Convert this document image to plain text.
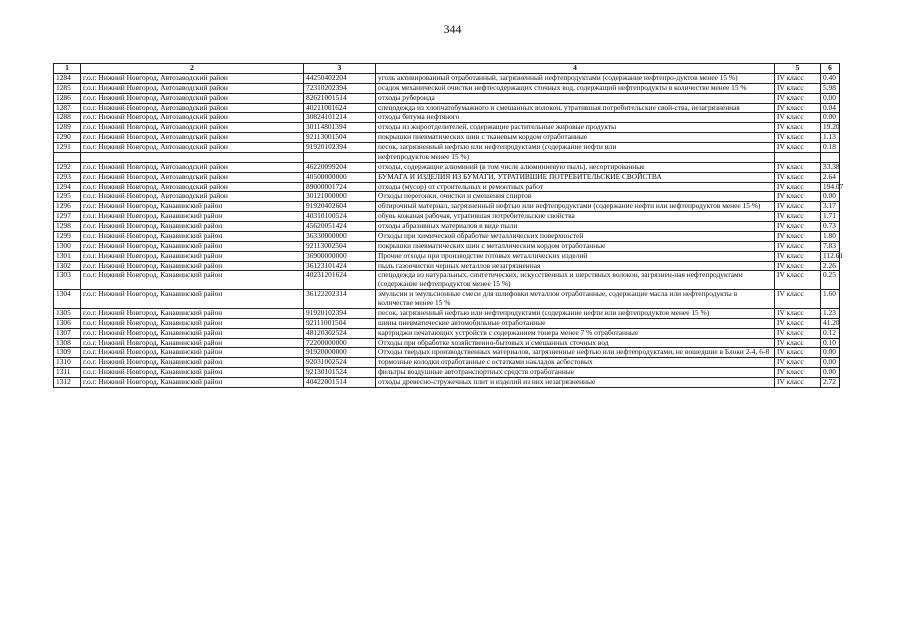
344
1	2	3	4	5	6
1284	г.о.г. Нижний Новгород, Автозаводский район	44250402204	уголь активированный отработанный, загрязненный нефтепродуктами (содержание нефтепро-дуктов менее 15 %)	IV класс	0.40
1285	г.о.г. Нижний Новгород, Автозаводский район	72310202394	осадок механической очистки нефтесодержащих сточных вод, содержащий нефтепродукты в количестве менее 15 %	IV класс	5.98
1286	г.о.г. Нижний Новгород, Автозаводский район	82621001514	отходы рубероида	IV класс	0.00
1287	г.о.г. Нижний Новгород, Автозаводский район	40211001624	спецодежда из хлопчатобумажного и смешанных волокон, утратившая потребительские свой-ства, незагрязненная	IV класс	0.04
1288	г.о.г. Нижний Новгород, Автозаводский район	30824101214	отходы битума нефтяного	IV класс	0.00
1289	г.о.г. Нижний Новгород, Автозаводский район	30114801394	отходы из жироотделителей, содержащие растительные жировые продукты	IV класс	19.20
1290	г.о.г. Нижний Новгород, Автозаводский район	92113001504	покрышки пневматических шин с тканевым кордом отработанные	IV класс	1.13
1291	г.о.г. Нижний Новгород, Автозаводский район	91920102394	песок, загрязненный нефтью или нефтепродуктами (содержание нефти или	IV класс	0.18
			нефтепродуктов менее 15 %)		
1292	г.о.г. Нижний Новгород, Автозаводский район	46220099204	отходы, содержащие алюминий (в том числе алюминиевую пыль), несортированные	IV класс	33.38
1293	г.о.г. Нижний Новгород, Автозаводский район	40500000000	БУМАГА И ИЗДЕЛИЯ ИЗ БУМАГИ, УТРАТИВШИЕ ПОТРЕБИТЕЛЬСКИЕ СВОЙСТВА	IV класс	2.64
1294	г.о.г. Нижний Новгород, Автозаводский район	89000001724	отходы (мусор) от строительных и ремонтных работ	IV класс	194.07
1295	г.о.г. Нижний Новгород, Автозаводский район	30121000000	Отходы перегонки, очистки и смешения спиртов	IV класс	0.00
1296	г.о.г. Нижний Новгород, Канавинский район	91920402604	обтирочный материал, загрязненный нефтью или нефтепродуктами (содержание нефти или нефтепродуктов менее 15 %)	IV класс	3.17
1297	г.о.г. Нижний Новгород, Канавинский район	40310100524	обувь кожаная рабочая, утратившая потребительские свойства	IV класс	1.71
1298	г.о.г. Нижний Новгород, Канавинский район	45620051424	отходы абразивных материалов в виде пыли	IV класс	0.73
1299	г.о.г. Нижний Новгород, Канавинский район	36330000000	Отходы при химической обработке металлических поверхностей	IV класс	1.80
1300	г.о.г. Нижний Новгород, Канавинский район	92113002504	покрышки пневматических шин с металлическим кордом отработанные	IV класс	7.83
1301	г.о.г. Нижний Новгород, Канавинский район	36900000000	Прочие отходы при производстве готовых металлических изделий	IV класс	112.61
1302	г.о.г. Нижний Новгород, Канавинский район	36123101424	пыль газоочистки черных металлов незагрязненная	IV класс	2.26
1303	г.о.г. Нижний Новгород, Канавинский район	40231201624	спецодежда из натуральных, синтетических, искусственных и шерстяных волокон, загрязнен-ная нефтепродуктами (содержание нефтепродуктов менее 15 %)	IV класс	0.25
1304	г.о.г. Нижний Новгород, Канавинский район	36122202314	эмульсии и эмульсионные смеси для шлифовки металлов отработанные, содержащие масла или нефтепродукты в количестве менее 15 %	IV класс	1.60
1305	г.о.г. Нижний Новгород, Канавинский район	91920102394	песок, загрязненный нефтью или нефтепродуктами (содержание нефти или нефтепродуктов менее 15 %)	IV класс	1.23
1306	г.о.г. Нижний Новгород, Канавинский район	92111001504	шины пневматические автомобильные отработанные	IV класс	41.20
1307	г.о.г. Нижний Новгород, Канавинский район	48120302524	картриджи печатающих устройств с содержанием тонера менее 7 % отработанные	IV класс	0.12
1308	г.о.г. Нижний Новгород, Канавинский район	72200000000	Отходы при обработке хозяйственно-бытовых и смешанных сточных вод	IV класс	0.10
1309	г.о.г. Нижний Новгород, Канавинский район	91920000000	Отходы твердых производственных материалов, загрязненные нефтью или нефтепродуктами, не вошедшие в Блоки 2-4, 6-8	IV класс	0.00
1310	г.о.г. Нижний Новгород, Канавинский район	92031002524	тормозные колодки отработанные с остатками накладок асбестовых	IV класс	0.00
1311	г.о.г. Нижний Новгород, Канавинский район	92130101524	фильтры воздушные автотранспортных средств отработанные	IV класс	0.00
1312	г.о.г. Нижний Новгород, Канавинский район	40422001514	отходы древесно-стружечных плит и изделий из них незагрязненные	IV класс	2.72
